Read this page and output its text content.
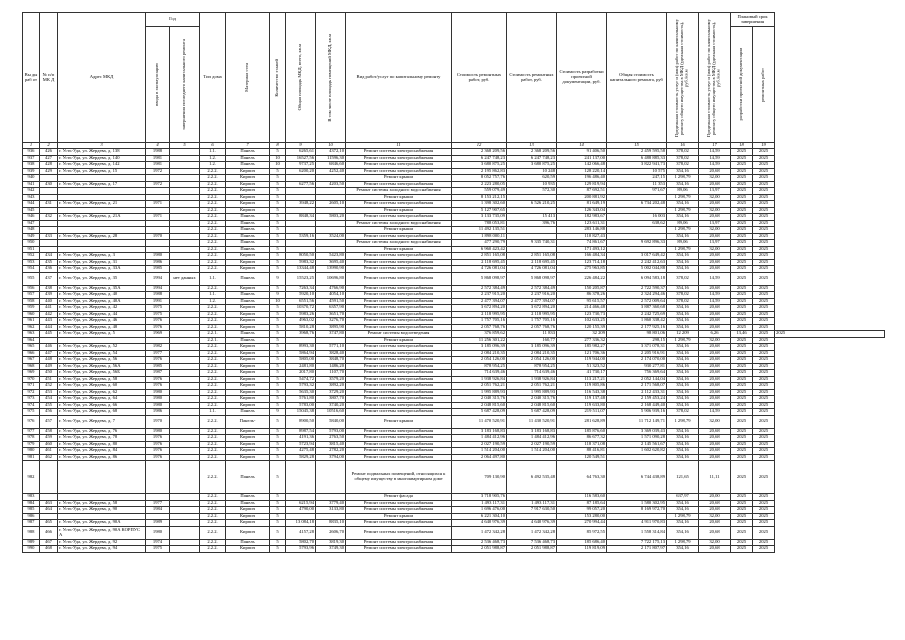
Вы ды раб от	№ п/п МК Д	Адрес МКД	Год		Тип дома	Материал стен	Количество этажей	Общая площадь МКД, всего, кв.м	В том числе площадь помещений МКД, кв.м	Вид работ/услуг по капитальному ремонту	Стоимость ремонтных работ, руб.	Стоимость ремонтных работ, руб.	Стоимость разработки проектной документации, руб.	Общая стоимость капитального ремонта, руб	Предельная стоимость услуг и (или) работ по капитальному ремонту общего имущества в МКД (удельная стоимость), руб./кв.м	Предельная стоимость услуг и (или) работ по капитальному ремонту общего имущества в МКД (удельная стоимость), руб./кв.м	Плановый срок завершения		

			ввода в эксплуатацию	завершения последнего капитального ремонта													разработки проектной документации	ремонтных работ	

1	2	3	4	5	6	7	8	9	10	11	12	13	14	15	16	17	18	19	
936	426	г. Усть-Уда, ул. Жердева, д. 138	1988		1.1.	Панель	5	6265,61	4372,10	Ремонт системы электроснабжения	2 368 209,56	2 368 209,56	91 406,50	2 459 595,58	378,02	14,59	2025	2025	
937	427	г. Усть-Уда, ул. Жердева, д. 140	1981		1.2.	Панель	10	16527,56	11596,30	Ремонт системы электроснабжения	6 247 748,23	6 247 748,23	241 137,00	6 488 885,33	378,02	14,59	2025	2025	
938	428	г. Усть-Уда, ул. Жердева, д. 142	1981		1.2.	Панель	10	9737,25	6846,60	Ремонт системы электроснабжения	3 680 875,25	3 680 875,25	142 066,48	3 822 941,73	378,02	14,59	2025	2025	
939	429	г. Усть-Уда, ул. Жердева, д. 15	1972		2.2.2.	Кирпич	5	6200,20	4252,40	Ремонт системы электроснабжения	2 195 862,83	10 248	128 220,14	10 575	354,16	20,68	2025	2025	
940					2.2.2.	Кирпич	5			Ремонт крыши	8 052 757,76	620,59	196 486,40	247,15	1 298,79	32,00	2025	2025	
941	430	г. Усть-Уда, ул. Жердева, д. 17	1972		2.2.2.	Кирпич	5	6277,56	4203,50	Ремонт системы электроснабжения	2 223 280,05	10 935	129 819,94	11 353	354,16	20,68	2025	2025	
942					2.2.2.	Кирпич	5			Ремонт системы холодного водоснабжения	559 079,49	572,30	87 692,51	971,67	89,06	13,97	2025	2025	
943					2.2.2.	Кирпич	5			Ремонт крыши	8 153 212,15		200 881,92		1 298,79	32,00	2025	2025	
944	431	г. Усть-Уда, ул. Жердева, д. 21	1971		2.2.2.	Кирпич	5	3948,22	2605,10	Ремонт системы электроснабжения	1 398 302,60	6 526 210,25	81 649,19	6 734 202,48	354,16	20,68	2025	2025	
945					2.2.2.	Кирпич	5			Ремонт крыши	5 127 907,65		126 343,04		1 298,79	32,00	2025	2025	
946	432	г. Усть-Уда, ул. Жердева, д. 21А	1971		2.2.2.	Панель	5	8848,34	5803,20	Ремонт системы электроснабжения	3 133 735,09	15 413	182 983,67	16 003	354,16	20,68	2025	2025	
947					2.2.2.	Панель	5			Ремонт системы холодного водоснабжения	788 053,81	396,76	123 611,31	638,62	89,06	13,97	2025	2025	
948					2.2.2.	Панель	5			Ремонт крыши	11 492 135,51		283 146,88		1 298,79	32,00	2025	2025	
949	433	г. Усть-Уда, ул. Жердева, д. 28	1970		2.2.2.	Панель	5	5359,16	3524,00	Ремонт системы электроснабжения	1 898 000,11		110 827,43		354,16	20,68	2025	2025	
950					2.2.2.	Панель	5			Ремонт системы холодного водоснабжения	477 290,79	9 335 740,31	74 861,67	9 692 896,33	89,06	13,97	2025	2025	
951					2.2.2.	Панель	5			Ремонт крыши	6 960 423,42		171 493,12		1 298,79	32,00	2025	2025	
952	434	г. Усть-Уда, ул. Жердева, д. 3	1980		2.2.2.	Кирпич	5	8050,50	5423,80	Ремонт системы электроснабжения	2 851 165,08	2 851 165,08	166 484,34	3 017 649,42	354,16	20,68	2025	2025	
953	435	г. Усть-Уда, ул. Жердева, д. 31	1986		2.2.2.	Кирпич	5	5983,32	3695,40	Ремонт системы электроснабжения	2 118 695,45	2 118 695,45	123 714,18	2 242 412,63	354,16	20,68	2025	2025	
954	436	г. Усть-Уда, ул. Жердева, д. 33А	1985		2.2.2.	Кирпич	5	13344,48	13990,90	Ремонт системы электроснабжения	4 726 081,04	4 726 081,04	275 963,85	5 002 044,88	354,16	20,68	2025	2025	
955	437	г. Усть-Уда, ул. Жердева, д. 35	1994	нет данных	1.1.	Панель	9	15523,25	10696,80	Ремонт системы электроснабжения	5 868 098,97	5 868 098,97	226 484,22	6 094 583,18	378,02	14,59	2025	2025	
956	438	г. Усть-Уда, ул. Жердева, д. 35А	1994		2.2.2.	Кирпич	5	7263,34	4766,90	Ремонт системы электроснабжения	2 572 384,49	2 572 384,49	150 205,87	2 722 590,37	354,16	20,68	2025	2025	
957	439	г. Усть-Уда, ул. Жердева, д. 40	1988		1.1.	Панель	9	5920,10	4054,10	Ремонт системы электроснабжения	2 237 915,20	2 237 916,20	86 378,26	2 324 294,46	378,02	14,59	2025	2025	
958	440	г. Усть-Уда, ул. Жердева, д. 40А	1991		1.2.	Панель	10	6551,56	4591,50	Ремонт системы электроснабжения	2 477 394,07	2 477 394,07	95 615,57	2 572 009,64	378,02	14,59	2025	2025	
959	441	г. Усть-Уда, ул. Жердева, д. 42	1975		2.2.2.	Кирпич	5	10370,72	6357,90	Ремонт системы электроснабжения	3 672 894,20	3 672 894,20	214 466,48	3 887 360,68	354,16	20,68	2025	2025	
960	442	г. Усть-Уда, ул. Жердева, д. 44	1975		2.2.2.	Кирпич	5	5983,26	3651,70	Ремонт системы электроснабжения	2 118 995,95	2 118 995,95	123 730,73	2 242 725,69	354,16	20,68	2025	2025	
961	443	г. Усть-Уда, ул. Жердева, д. 46	1976		2.2.2.	Кирпич	5	4963,02	3276,70	Ремонт системы электроснабжения	1 757 705,16	1 757 705,16	102 633,25	1 860 338,42	354,16	20,68	2025	2025	
962	444	г. Усть-Уда, ул. Жердева, д. 48	1976		2.2.2.	Кирпич	5	5810,28	3895,90	Ремонт системы электроснабжения	2 057 768,76	2 057 768,76	120 155,39	2 177 925,16	354,16	20,68	2025	2025	
963	445	г. Усть-Уда, ул. Жердева, д. 5	1969		2.2.1.	Панель	5	3968,76	3747,80	Ремонт системы водоотведения	376 859,62	11 833	32 209	98 801,06	12 209	6,26	13,46	2025	2025
964					2.2.1.	Панель	5			Ремонт крыши	11 256 301,22	160,77	277 336,32	298,15	1 298,79	32,00	2025	2025	
965	446	г. Усть-Уда, ул. Жердева, д. 52	1982		2.2.2.	Кирпич	5	8993,30	5771,10	Ремонт системы электроснабжения	3 185 096,39	3 185 096,39	185 982,27	3 371 078,31	354,16	20,68	2025	2025	
966	447	г. Усть-Уда, ул. Жердева, д. 54	1977		2.2.2.	Кирпич	5	5864,94	3828,40	Ремонт системы электроснабжения	2 084 210,35	2 084 210,35	121 706,36	2 205 916,91	354,16	20,68	2025	2025	
967	448	г. Усть-Уда, ул. Жердева, д. 56	1976		2.2.2.	Кирпич	5	5805,00	3848,70	Ремонт системы электроснабжения	2 054 126,00	2 054 126,00	119 944,00	2 174 070,00	354,16	20,68	2025	2025	
968	449	г. Усть-Уда, ул. Жердева, д. 56А	1985		2.2.2.	Кирпич	5	2481,80	1486,20	Ремонт системы электроснабжения	878 954,25	878 954,25	51 323,52	930 277,81	354,16	20,68	2025	2025	
969	450	г. Усть-Уда, ул. Жердева, д. 56Б	1987		2.2.2.	Кирпич	5	2017,80	1107,70	Ремонт системы электроснабжения	714 639,46	714 639,46	41 730,17	756 369,64	354,16	20,68	2025	2025	
970	451	г. Усть-Уда, ул. Жердева, д. 58	1976		2.2.2.	Кирпич	5	5474,72	3579,20	Ремонт системы электроснабжения	1 938 926,84	1 938 926,84	113 217,21	2 052 144,04	354,16	20,68	2025	2025	
971	452	г. Усть-Уда, ул. Жердева, д. 60	1976		2.2.2.	Кирпич	5	5793,32	3892,20	Ремонт системы электроснабжения	2 051 762,21	2 051 762,21	119 805,86	2 171 568,07	354,16	20,68	2025	2025	
972	453	г. Усть-Уда, ул. Жердева, д. 62	1980		2.2.2.	Кирпич	5	5635,30	3729,20	Ремонт системы электроснабжения	1 995 889,93	1 995 889,93	116 543,38	2 112 433,31	354,16	20,68	2025	2025	
973	454	г. Усть-Уда, ул. Жердева, д. 64	1980		2.2.2.	Кирпич	5	5761,80	3807,70	Ремонт системы электроснабжения	2 040 315,76	2 040 315,76	119 137,48	2 159 453,24	354,16	20,68	2025	2025	
974	455	г. Усть-Уда, ул. Жердева, д. 66	1980		2.2.2.	Кирпич	5	5783,00	3740,20	Ремонт системы электроснабжения	2 048 815,60	2 048 815,60	119 633,80	2 168 449,40	354,16	20,68	2025	2025	
975	456	г. Усть-Уда, ул. Жердева, д. 68	1986		1.1.	Панель	9	15045,38	10516,60	Ремонт системы электроснабжения	5 687 428,09	5 687 428,09	219 511,07	5 906 939,16	378,02	14,59	2025	2025	
976	457	г. Усть-Уда, ул. Жердева, д. 7	1970		2.2.2.	Панель-	5	8900,50	5840,00	Ремонт крыши	11 470 520,91	11 430 520,91	281 628,89	11 712 149,71	1 298,79	32,00	2025	2025	
977	458	г. Усть-Уда, ул. Жердева, д. 76	1980		2.2.2.	Кирпич	5	8987,54	5793,00	Ремонт системы электроснабжения	3 183 168,83	3 183 168,83	185 876,60	3 369 039,43	354,16	20,68	2025	2025	
978	459	г. Усть-Уда, ул. Жердева, д. 78	1976		2.2.2.	Кирпич	5	4191,36	2763,50	Ремонт системы электроснабжения	1 484 412,96	1 484 412,96	86 677,32	1 571 090,28	354,16	20,68	2025	2025	
979	460	г. Усть-Уда, ул. Жердева, д. 80	1976		2.2.2.	Кирпич	5	5723,94	3815,40	Ремонт системы электроснабжения	2 027 190,59	2 027 190,59	118 371,08	2 145 561,67	354,16	20,68	2025	2025	
980	461	г. Усть-Уда, ул. Жердева, д. 84	1976		2.2.2.	Кирпич	5	4275,48	2782,20	Ремонт системы электроснабжения	1 514 204,00	1 514 204,00	88 416,81	1 602 620,82	354,16	20,68	2025	2025	
981	462	г. Усть-Уда, ул. Жердева, д. 86	1976		2.2.2.	Кирпич	5	5829,28	3794,00	Ремонт системы электроснабжения	2 064 497,80		120 549,51		354,16	20,68	2025	2025	
982					2.2.2.	Панель	5			Ремонт подвальных помещений, относящихся к общему имуществу в многоквартирном доме	709 130,90	6 492 535,48	64 763,30	6 744 438,89	121,65	11,11	2025	2025	
983					2.2.2.	Панель	5			Ремонт фасада	3 718 905,76		116 583,60		637,97	20,00	2025	2025	
984	463	г. Усть-Уда, ул. Жердева, д. 58	1977		2.2.2.	Панель	5	6215,94	3779,40	Ремонт системы электроснабжения	1 493 117,31	1 493 117,31	87 185,64	1 580 302,95	354,16	20,68	2025	2025	
985	464	г. Усть-Уда, ул. Жердева, д. 90	1984		2.2.2.	Кирпич	5	4790,00	3133,80	Ремонт системы электроснабжения	1 696 476,00	7 917 630,50	99 057,20	8 169 972,70	354,16	20,68	2025	2025	
986					2.2.2.	Кирпич	5			Ремонт крыши	6 221 304,10		153 280,00		1 298,79	32,00	2025	2025	
987	465	г. Усть-Уда, ул. Жердева, д. 90А	1989		2.2.2.	Кирпич	5	13 084,18	8835,10	Ремонт системы электроснабжения	4 640 976,39	4 640 976,39	270 994,44	4 911 970,83	354,16	20,68	2025	2025	
988	466	г. Усть-Уда, ул. Жердева, д. 90А КОРПУС А	1980		2.2.2.	Кирпич	5	4157,28	2606,70	Ремонт системы электроснабжения	1 472 342,28	1 472 342,28	85 972,55	1 558 314,84	354,16	20,68	2025	2025	
989	467	г. Усть-Уда, ул. Жердева, д. 92	1974		2.2.2.	Панель	5	5802,70	3819,30	Ремонт системы электроснабжения	2 536 468,73	7 536 468,73	185 686,40	7 722 175,13	1 298,79	32,00	2025	2025	
990	468	г. Усть-Уда, ул. Жердева, д. 94	1975		2.2.2.	Кирпич	5	5793,96	3749,30	Ремонт системы электроснабжения	2 051 988,87	2 051 988,87	119 819,09	2 171 807,97	354,16	20,68	2025	2025	
